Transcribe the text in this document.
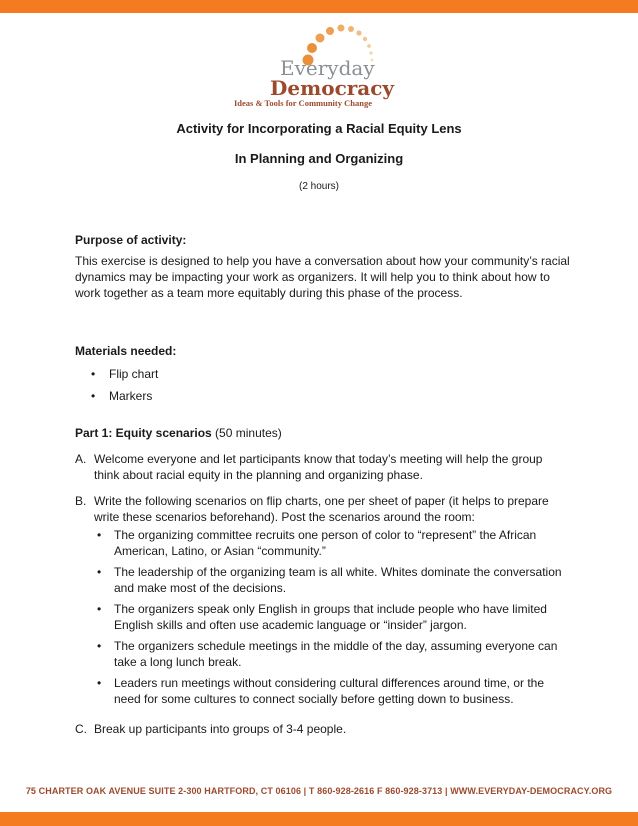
Everyday
Democracy
Ideas & Tools for Community Change
Activity for Incorporating a Racial Equity Lens
In Planning and Organizing
(2 hours)

Purpose of activity:

This exercise is designed to help you have a conversation about how your community’s racial dynamics may be impacting your work as organizers. It will help you to think about how to work together as a team more equitably during this phase of the process.

Materials needed:

• Flip chart
• Markers

Part 1: Equity scenarios (50 minutes)

A. Welcome everyone and let participants know that today’s meeting will help the group think about racial equity in the planning and organizing phase.
B. Write the following scenarios on flip charts, one per sheet of paper (it helps to prepare write these scenarios beforehand). Post the scenarios around the room:
• The organizing committee recruits one person of color to “represent” the African American, Latino, or Asian “community.”
• The leadership of the organizing team is all white. Whites dominate the conversation and make most of the decisions.
• The organizers speak only English in groups that include people who have limited English skills and often use academic language or “insider” jargon.
• The organizers schedule meetings in the middle of the day, assuming everyone can take a long lunch break.
• Leaders run meetings without considering cultural differences around time, or the need for some cultures to connect socially before getting down to business.
C. Break up participants into groups of 3-4 people.
75 CHARTER OAK AVENUE SUITE 2-300 HARTFORD, CT 06106 | T 860-928-2616 F 860-928-3713 | WWW.EVERYDAY-DEMOCRACY.ORG
